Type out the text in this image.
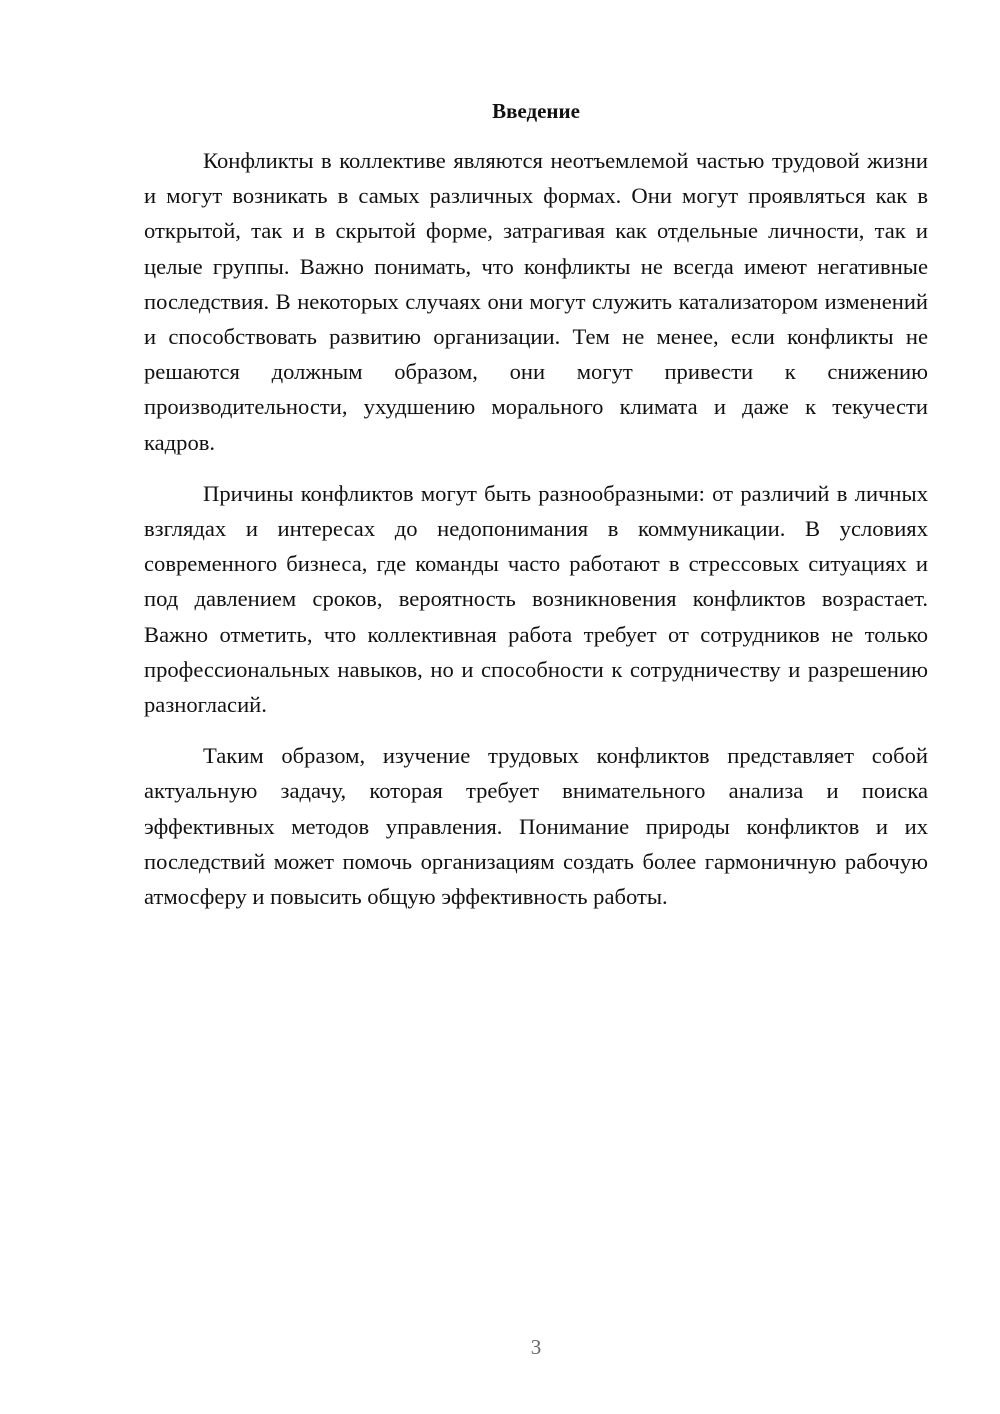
Введение

Конфликты в коллективе являются неотъемлемой частью трудовой жизни и могут возникать в самых различных формах. Они могут проявляться как в открытой, так и в скрытой форме, затрагивая как отдельные личности, так и целые группы. Важно понимать, что конфликты не всегда имеют негативные последствия. В некоторых случаях они могут служить катализатором изменений и способствовать развитию организации. Тем не менее, если конфликты не решаются должным образом, они могут привести к снижению производительности, ухудшению морального климата и даже к текучести кадров.

Причины конфликтов могут быть разнообразными: от различий в личных взглядах и интересах до недопонимания в коммуникации. В условиях современного бизнеса, где команды часто работают в стрессовых ситуациях и под давлением сроков, вероятность возникновения конфликтов возрастает. Важно отметить, что коллективная работа требует от сотрудников не только профессиональных навыков, но и способности к сотрудничеству и разрешению разногласий.

Таким образом, изучение трудовых конфликтов представляет собой актуальную задачу, которая требует внимательного анализа и поиска эффективных методов управления. Понимание природы конфликтов и их последствий может помочь организациям создать более гармоничную рабочую атмосферу и повысить общую эффективность работы.

3
